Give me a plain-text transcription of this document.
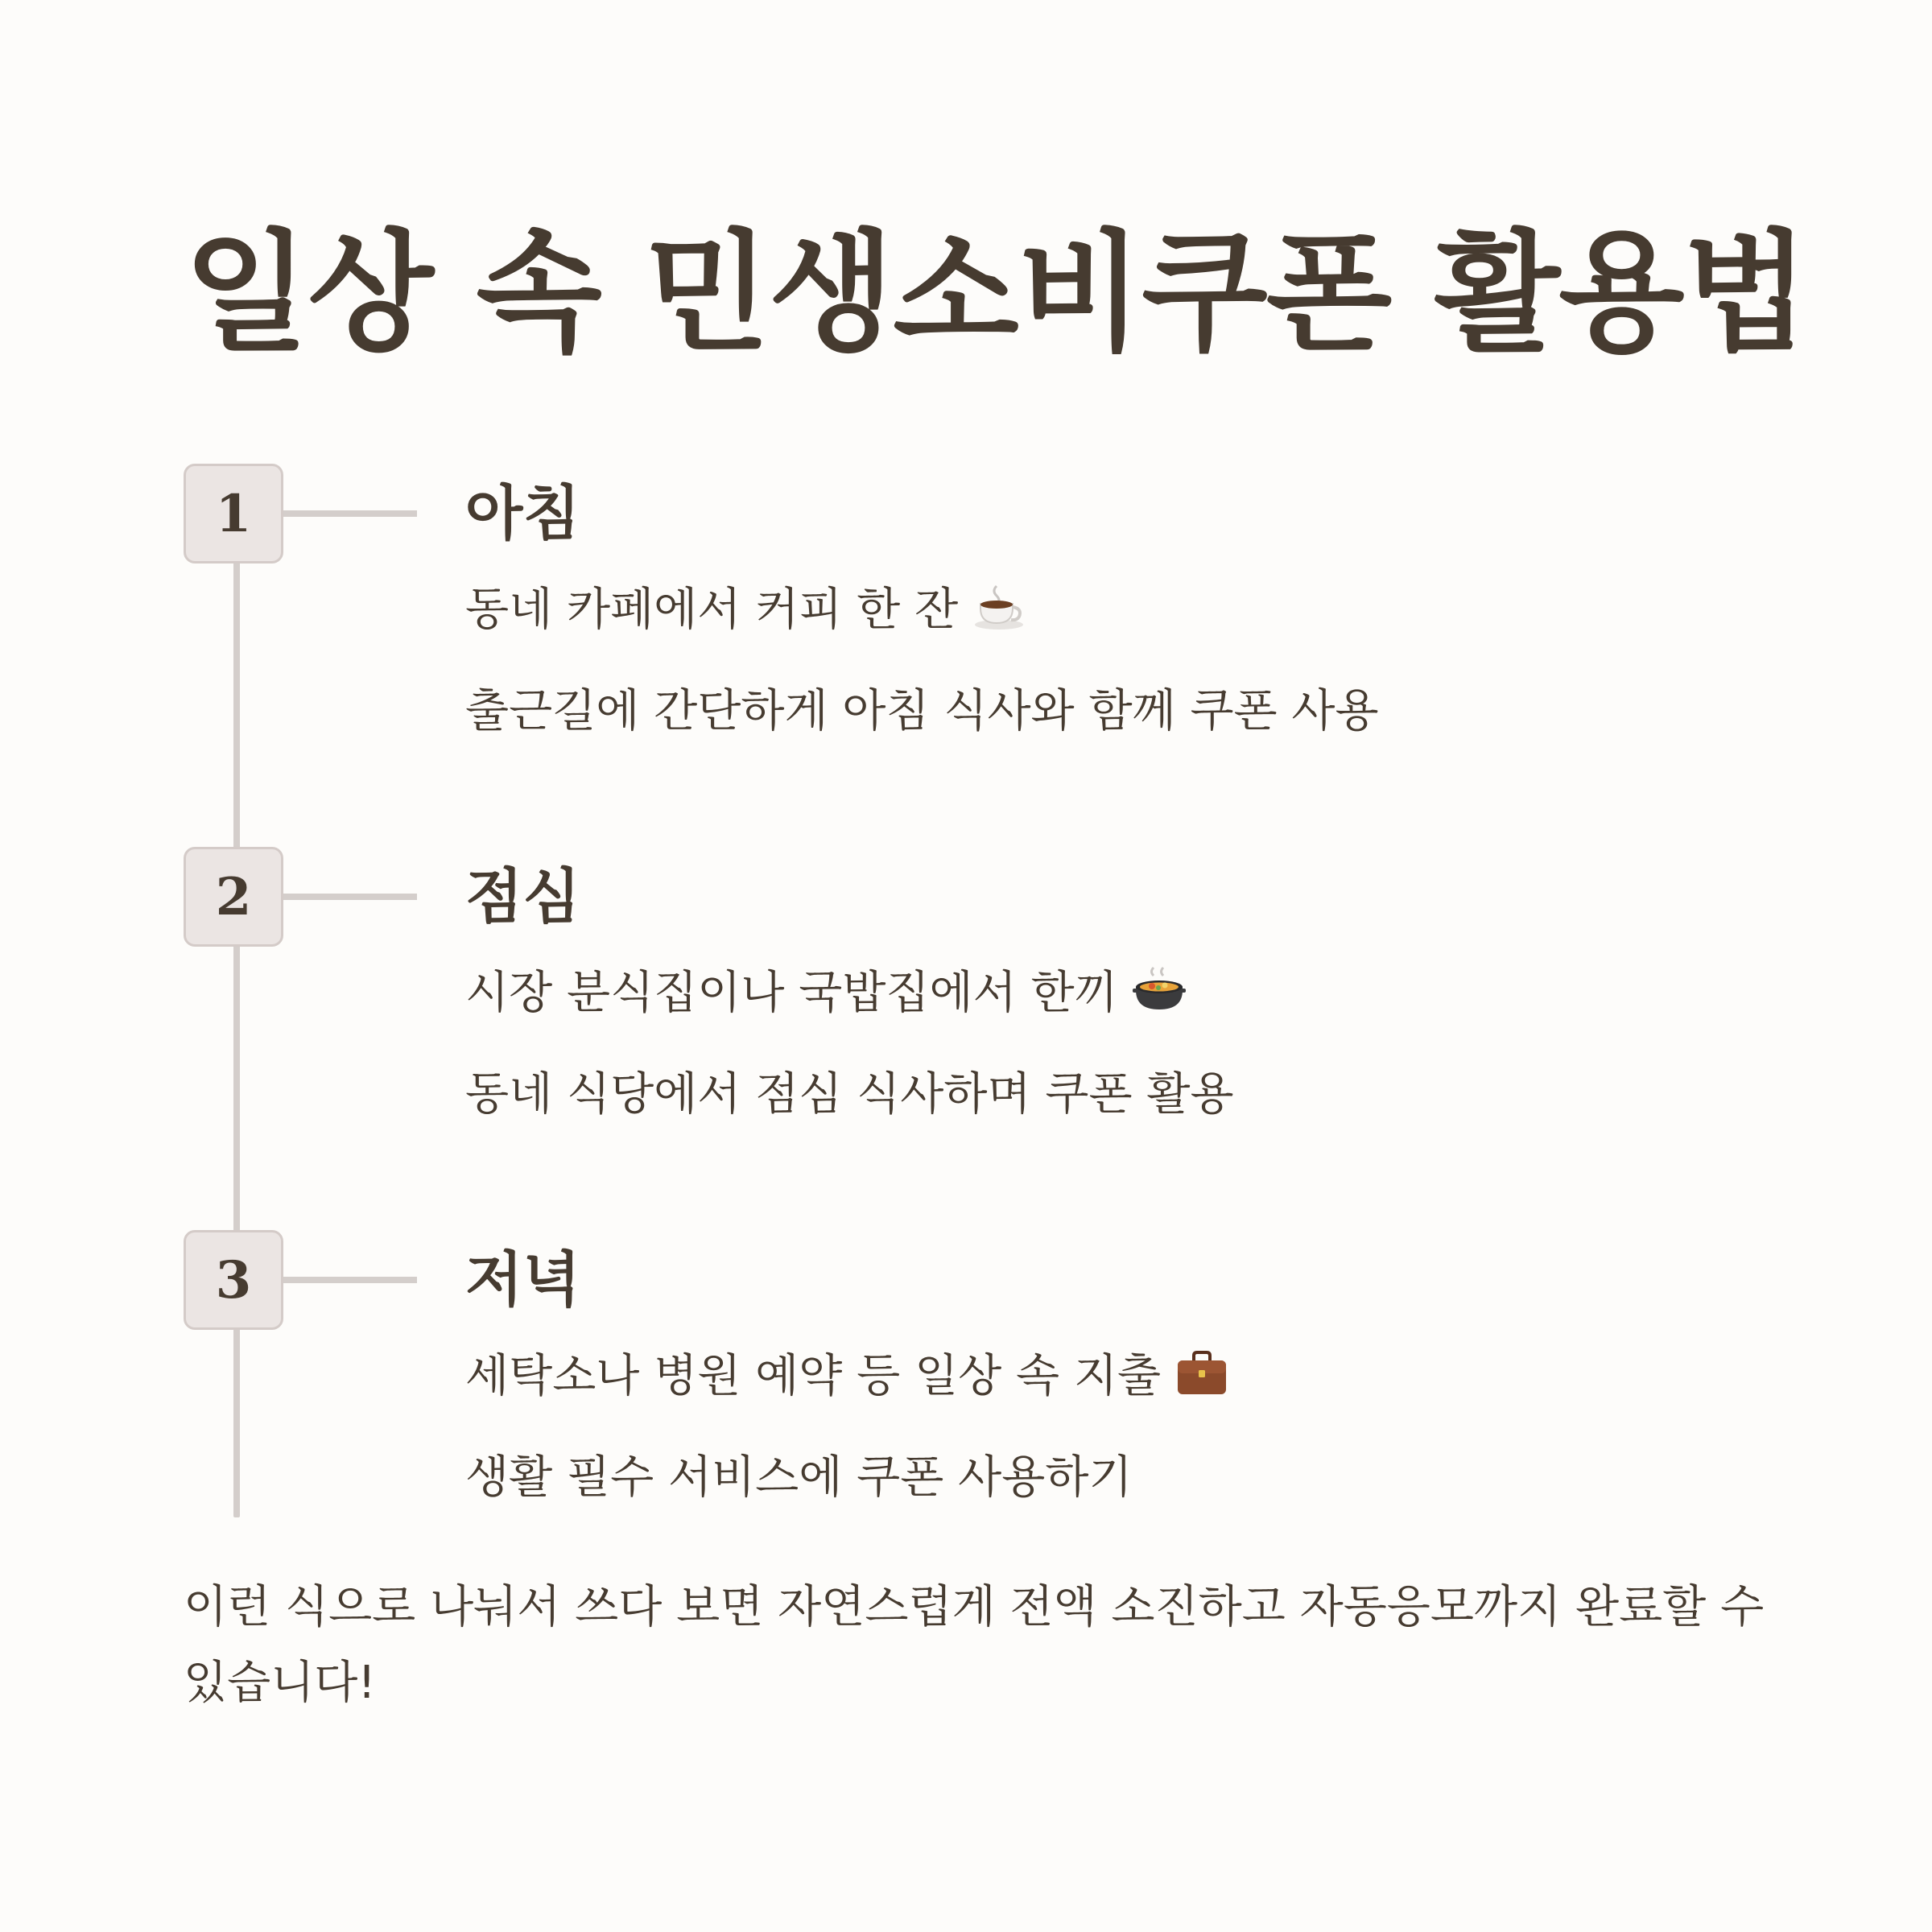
일상 속 민생소비쿠폰 활용법
1	아침

동네 카페에서 커피 한 잔

출근길에 간단하게 아침 식사와 함께 쿠폰 사용

2	점심

시장 분식집이나 국밥집에서 한끼

동네 식당에서 점심 식사하며 쿠폰 활용

3	저녁

세탁소나 병원 예약 등 일상 속 지출

생활 필수 서비스에 쿠폰 사용하기

이런 식으로 나눠서 쓰다 보면 자연스럽게 전액 소진하고 자동응모까지 완료할 수 있습니다!
